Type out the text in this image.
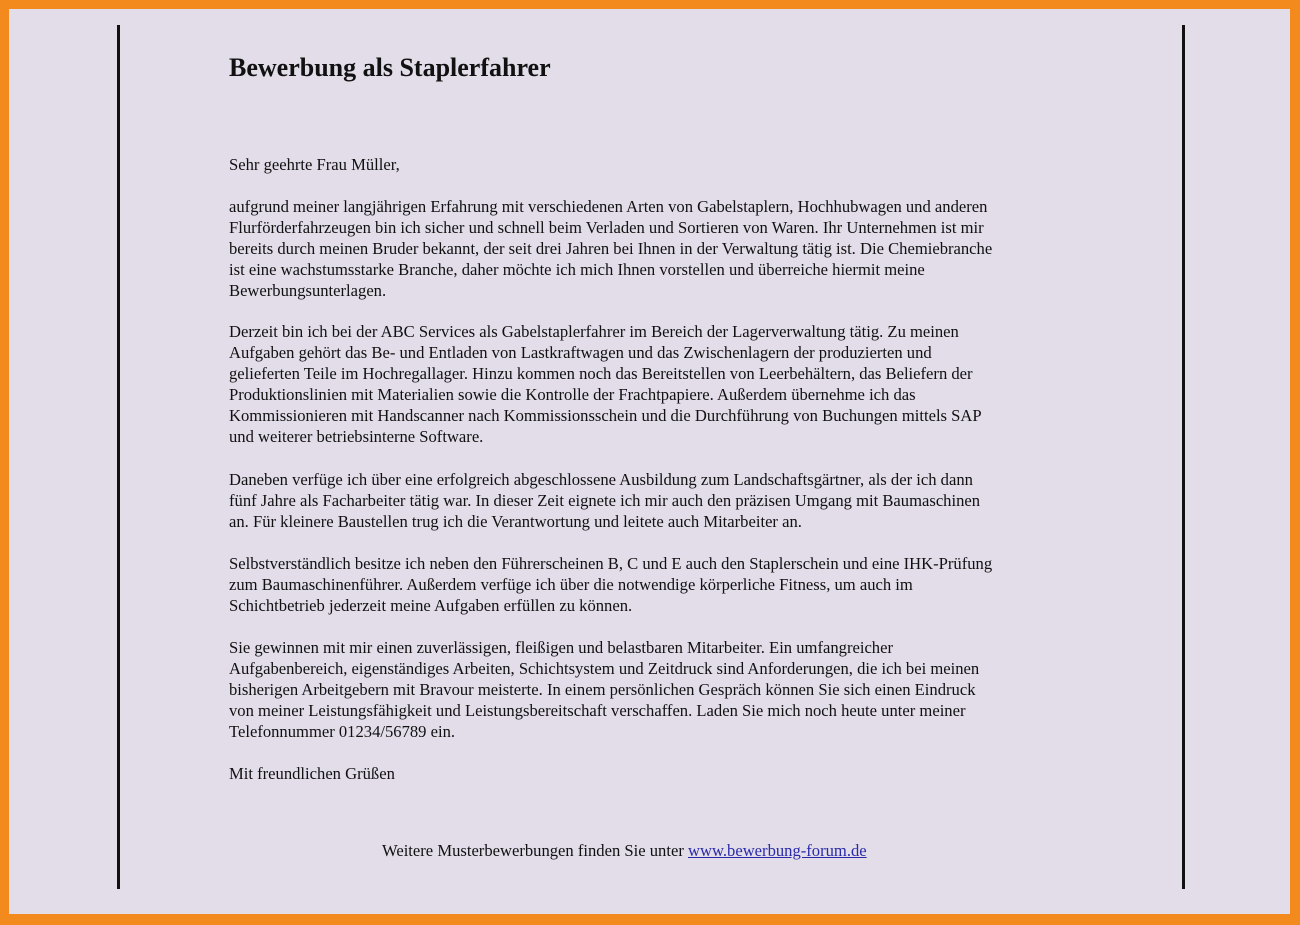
Bewerbung als Staplerfahrer
Sehr geehrte Frau Müller,
aufgrund meiner langjährigen Erfahrung mit verschiedenen Arten von Gabelstaplern, Hochhubwagen und anderen
Flurförderfahrzeugen bin ich sicher und schnell beim Verladen und Sortieren von Waren. Ihr Unternehmen ist mir
bereits durch meinen Bruder bekannt, der seit drei Jahren bei Ihnen in der Verwaltung tätig ist. Die Chemiebranche
ist eine wachstumsstarke Branche, daher möchte ich mich Ihnen vorstellen und überreiche hiermit meine
Bewerbungsunterlagen.
Derzeit bin ich bei der ABC Services als Gabelstaplerfahrer im Bereich der Lagerverwaltung tätig. Zu meinen
Aufgaben gehört das Be- und Entladen von Lastkraftwagen und das Zwischenlagern der produzierten und
gelieferten Teile im Hochregallager. Hinzu kommen noch das Bereitstellen von Leerbehältern, das Beliefern der
Produktionslinien mit Materialien sowie die Kontrolle der Frachtpapiere. Außerdem übernehme ich das
Kommissionieren mit Handscanner nach Kommissionsschein und die Durchführung von Buchungen mittels SAP
und weiterer betriebsinterne Software.
Daneben verfüge ich über eine erfolgreich abgeschlossene Ausbildung zum Landschaftsgärtner, als der ich dann
fünf Jahre als Facharbeiter tätig war. In dieser Zeit eignete ich mir auch den präzisen Umgang mit Baumaschinen
an. Für kleinere Baustellen trug ich die Verantwortung und leitete auch Mitarbeiter an.
Selbstverständlich besitze ich neben den Führerscheinen B, C und E auch den Staplerschein und eine IHK-Prüfung
zum Baumaschinenführer. Außerdem verfüge ich über die notwendige körperliche Fitness, um auch im
Schichtbetrieb jederzeit meine Aufgaben erfüllen zu können.
Sie gewinnen mit mir einen zuverlässigen, fleißigen und belastbaren Mitarbeiter. Ein umfangreicher
Aufgabenbereich, eigenständiges Arbeiten, Schichtsystem und Zeitdruck sind Anforderungen, die ich bei meinen
bisherigen Arbeitgebern mit Bravour meisterte. In einem persönlichen Gespräch können Sie sich einen Eindruck
von meiner Leistungsfähigkeit und Leistungsbereitschaft verschaffen. Laden Sie mich noch heute unter meiner
Telefonnummer 01234/56789 ein.
Mit freundlichen Grüßen
Weitere Musterbewerbungen finden Sie unter www.bewerbung-forum.de
